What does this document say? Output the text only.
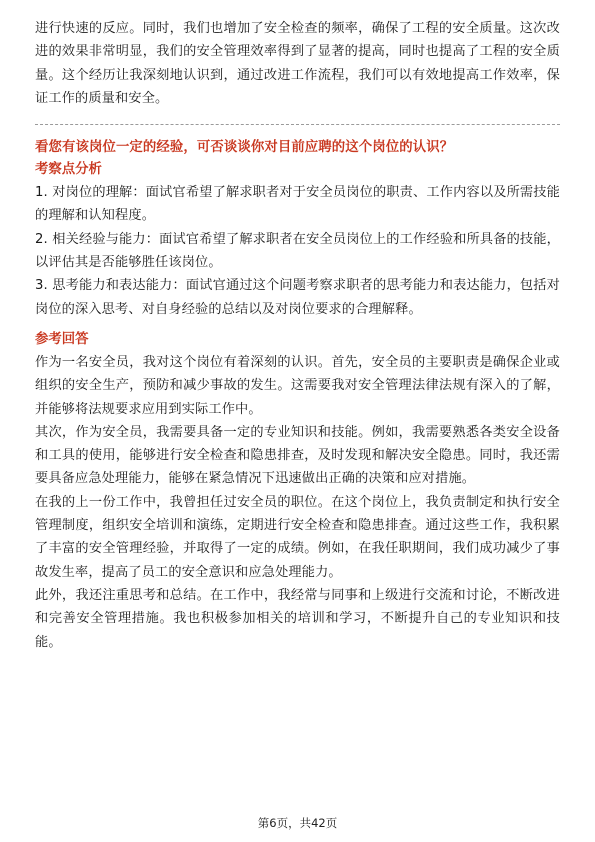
进行快速的反应。同时，我们也增加了安全检查的频率，确保了工程的安全质量。这次改进的效果非常明显，我们的安全管理效率得到了显著的提高，同时也提高了工程的安全质量。这个经历让我深刻地认识到，通过改进工作流程，我们可以有效地提高工作效率，保证工作的质量和安全。

看您有该岗位一定的经验，可否谈谈你对目前应聘的这个岗位的认识？

考察点分析

1. 对岗位的理解：面试官希望了解求职者对于安全员岗位的职责、工作内容以及所需技能的理解和认知程度。

2. 相关经验与能力：面试官希望了解求职者在安全员岗位上的工作经验和所具备的技能，以评估其是否能够胜任该岗位。

3. 思考能力和表达能力：面试官通过这个问题考察求职者的思考能力和表达能力，包括对岗位的深入思考、对自身经验的总结以及对岗位要求的合理解释。

参考回答

作为一名安全员，我对这个岗位有着深刻的认识。首先，安全员的主要职责是确保企业或组织的安全生产，预防和减少事故的发生。这需要我对安全管理法律法规有深入的了解，并能够将法规要求应用到实际工作中。

其次，作为安全员，我需要具备一定的专业知识和技能。例如，我需要熟悉各类安全设备和工具的使用，能够进行安全检查和隐患排查，及时发现和解决安全隐患。同时，我还需要具备应急处理能力，能够在紧急情况下迅速做出正确的决策和应对措施。

在我的上一份工作中，我曾担任过安全员的职位。在这个岗位上，我负责制定和执行安全管理制度，组织安全培训和演练，定期进行安全检查和隐患排查。通过这些工作，我积累了丰富的安全管理经验，并取得了一定的成绩。例如，在我任职期间，我们成功减少了事故发生率，提高了员工的安全意识和应急处理能力。

此外，我还注重思考和总结。在工作中，我经常与同事和上级进行交流和讨论，不断改进和完善安全管理措施。我也积极参加相关的培训和学习，不断提升自己的专业知识和技能。

第6页，共42页
